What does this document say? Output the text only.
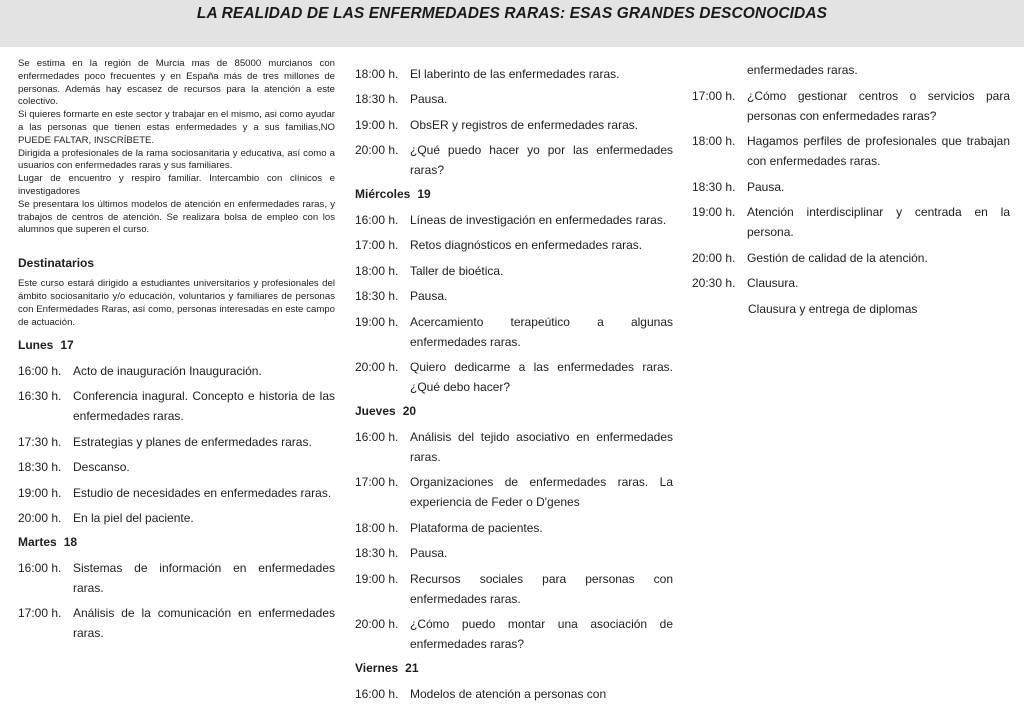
LA REALIDAD DE LAS ENFERMEDADES RARAS: ESAS GRANDES DESCONOCIDAS

Se estima en la región de Murcia mas de 85000 murcianos con enfermedades poco frecuentes y en España más de tres millones de personas. Además hay escasez de recursos para la atención a este colectivo.

Si quieres formarte en este sector y trabajar en el mismo, asi como ayudar a las personas que tienen estas enfermedades y a sus familias,NO PUEDE FALTAR, INSCRÍBETE.

Dirigida a profesionales de la rama sociosanitaria y educativa, así como a usuarios con enfermedades raras y sus familiares.

Lugar de encuentro y respiro familiar. Intercambio con clínicos e investigadores

Se presentara los últimos modelos de atención en enfermedades raras, y trabajos de centros de atención. Se realizara bolsa de empleo con los alumnos que superen el curso.

Destinatarios
Este curso estará dirigido a estudiantes universitarios y profesionales del ámbito sociosanitario y/o educación, voluntarios y familiares de personas con Enfermedades Raras, así como, personas interesadas en este campo de actuación.
Lunes 17
16:00 h. Acto de inauguración Inauguración.
16:30 h. Conferencia inagural. Concepto e historia de las enfermedades raras.
17:30 h. Estrategias y planes de enfermedades raras.
18:30 h. Descanso.
19:00 h. Estudio de necesidades en enfermedades raras.
20:00 h. En la piel del paciente.
Martes 18
16:00 h. Sistemas de información en enfermedades raras.
17:00 h. Análisis de la comunicación en enfermedades raras.
18:00 h. El laberinto de las enfermedades raras.
18:30 h. Pausa.
19:00 h. ObsER y registros de enfermedades raras.
20:00 h. ¿Qué puedo hacer yo por las enfermedades raras?
Miércoles 19
16:00 h. Líneas de investigación en enfermedades raras.
17:00 h. Retos diagnósticos en enfermedades raras.
18:00 h. Taller de bioética.
18:30 h. Pausa.
19:00 h. Acercamiento terapeútico a algunas enfermedades raras.
20:00 h. Quiero dedicarme a las enfermedades raras. ¿Qué debo hacer?
Jueves 20
16:00 h. Análisis del tejido asociativo en enfermedades raras.
17:00 h. Organizaciones de enfermedades raras. La experiencia de Feder o D'genes
18:00 h. Plataforma de pacientes.
18:30 h. Pausa.
19:00 h. Recursos sociales para personas con enfermedades raras.
20:00 h. ¿Cómo puedo montar una asociación de enfermedades raras?
Viernes 21
16:00 h. Modelos de atención a personas con
enfermedades raras.
17:00 h. ¿Cómo gestionar centros o servicios para personas con enfermedades raras?
18:00 h. Hagamos perfiles de profesionales que trabajan con enfermedades raras.
18:30 h. Pausa.
19:00 h. Atención interdisciplinar y centrada en la persona.
20:00 h. Gestión de calidad de la atención.
20:30 h. Clausura.
Clausura y entrega de diplomas
